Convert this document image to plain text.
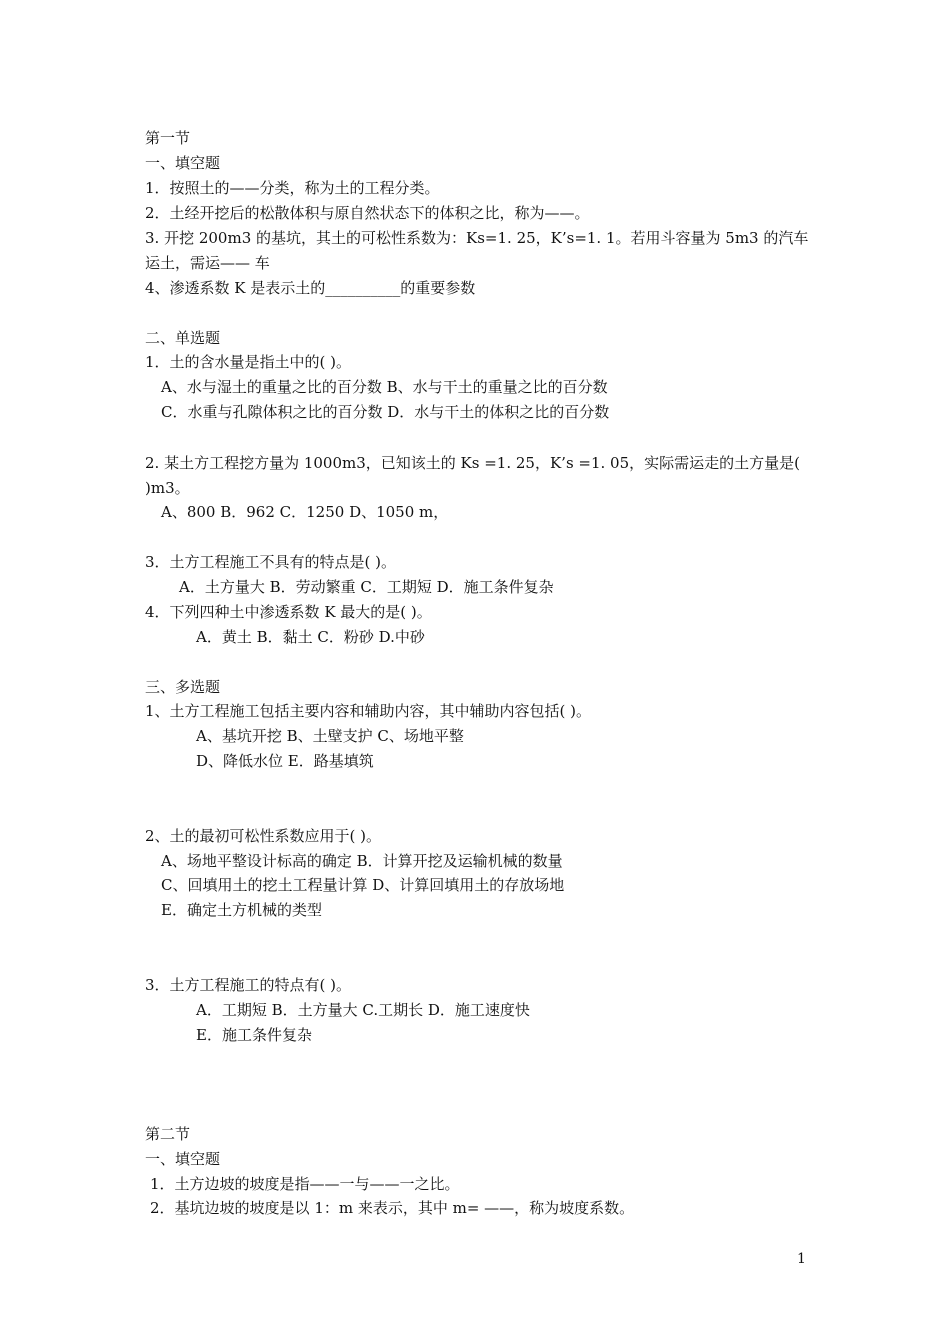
第一节
一、填空题
1．按照土的——分类，称为土的工程分类。
2．土经开挖后的松散体积与原自然状态下的体积之比，称为——。
3. 开挖 200m3 的基坑，其土的可松性系数为：Ks=1. 25，K’s=1. 1。若用斗容量为 5m3 的汽车
运土，需运—— 车
4、渗透系数 K 是表示土的__________的重要参数
二、单选题
1．土的含水量是指土中的( )。
A、水与湿土的重量之比的百分数 B、水与干土的重量之比的百分数
C．水重与孔隙体积之比的百分数 D．水与干土的体积之比的百分数
2. 某土方工程挖方量为 1000m3，已知该土的 Ks =1. 25，K’s =1. 05，实际需运走的土方量是(
)m3。
A、800 B．962 C．1250 D、1050 m，
3．土方工程施工不具有的特点是( )。
A．土方量大 B．劳动繁重 C．工期短 D．施工条件复杂
4．下列四种土中渗透系数 K 最大的是( )。
A．黄土 B．黏土 C．粉砂 D.中砂
三、多选题
1、土方工程施工包括主要内容和辅助内容，其中辅助内容包括( )。
A、基坑开挖 B、土壁支护 C、场地平整
D、降低水位 E．路基填筑
2、土的最初可松性系数应用于( )。
A、场地平整设计标高的确定 B．计算开挖及运输机械的数量
C、回填用土的挖土工程量计算 D、计算回填用土的存放场地
E．确定土方机械的类型
3．土方工程施工的特点有( )。
A．工期短 B．土方量大 C.工期长 D．施工速度快
E．施工条件复杂
第二节
一、填空题
1．土方边坡的坡度是指——一与——一之比。
2．基坑边坡的坡度是以 1：m 来表示，其中 m= ——，称为坡度系数。
1
